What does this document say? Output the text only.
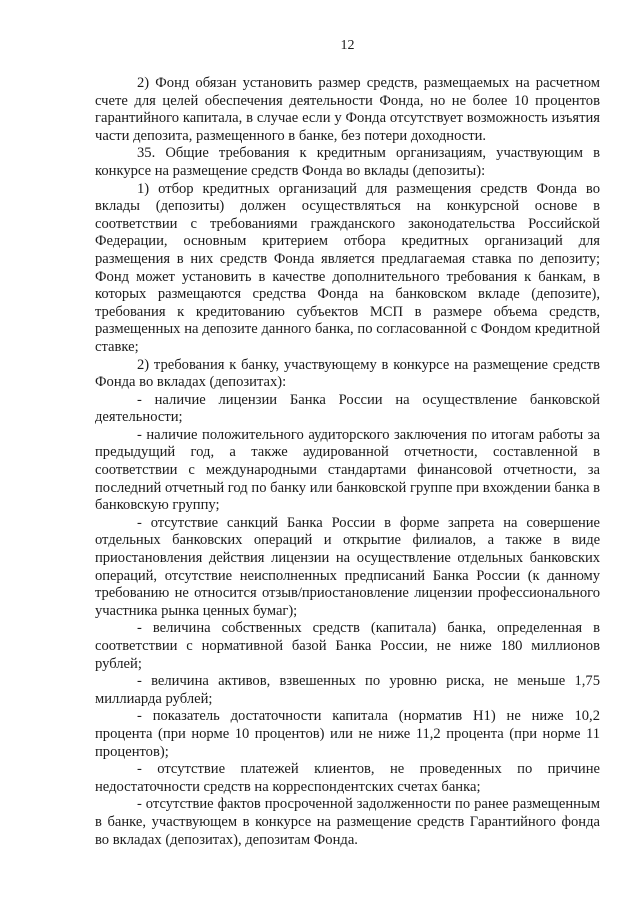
12

2) Фонд обязан установить размер средств, размещаемых на расчетном счете для целей обеспечения деятельности Фонда, но не более 10 процентов гарантийного капитала, в случае если у Фонда отсутствует возможность изъятия части депозита, размещенного в банке, без потери доходности.

35. Общие требования к кредитным организациям, участвующим в конкурсе на размещение средств Фонда во вклады (депозиты):

1) отбор кредитных организаций для размещения средств Фонда во вклады (депозиты) должен осуществляться на конкурсной основе в соответствии с требованиями гражданского законодательства Российской Федерации, основным критерием отбора кредитных организаций для размещения в них средств Фонда является предлагаемая ставка по депозиту; Фонд может установить в качестве дополнительного требования к банкам, в которых размещаются средства Фонда на банковском вкладе (депозите), требования к кредитованию субъектов МСП в размере объема средств, размещенных на депозите данного банка, по согласованной с Фондом кредитной ставке;

2) требования к банку, участвующему в конкурсе на размещение средств Фонда во вкладах (депозитах):

- наличие лицензии Банка России на осуществление банковской деятельности;

- наличие положительного аудиторского заключения по итогам работы за предыдущий год, а также аудированной отчетности, составленной в соответствии с международными стандартами финансовой отчетности, за последний отчетный год по банку или банковской группе при вхождении банка в банковскую группу;

- отсутствие санкций Банка России в форме запрета на совершение отдельных банковских операций и открытие филиалов, а также в виде приостановления действия лицензии на осуществление отдельных банковских операций, отсутствие неисполненных предписаний Банка России (к данному требованию не относится отзыв/приостановление лицензии профессионального участника рынка ценных бумаг);

- величина собственных средств (капитала) банка, определенная в соответствии с нормативной базой Банка России, не ниже 180 миллионов рублей;

- величина активов, взвешенных по уровню риска, не меньше 1,75 миллиарда рублей;

- показатель достаточности капитала (норматив Н1) не ниже 10,2 процента (при норме 10 процентов) или не ниже 11,2 процента (при норме 11 процентов);

- отсутствие платежей клиентов, не проведенных по причине недостаточности средств на корреспондентских счетах банка;

- отсутствие фактов просроченной задолженности по ранее размещенным в банке, участвующем в конкурсе на размещение средств Гарантийного фонда во вкладах (депозитах), депозитам Фонда.
